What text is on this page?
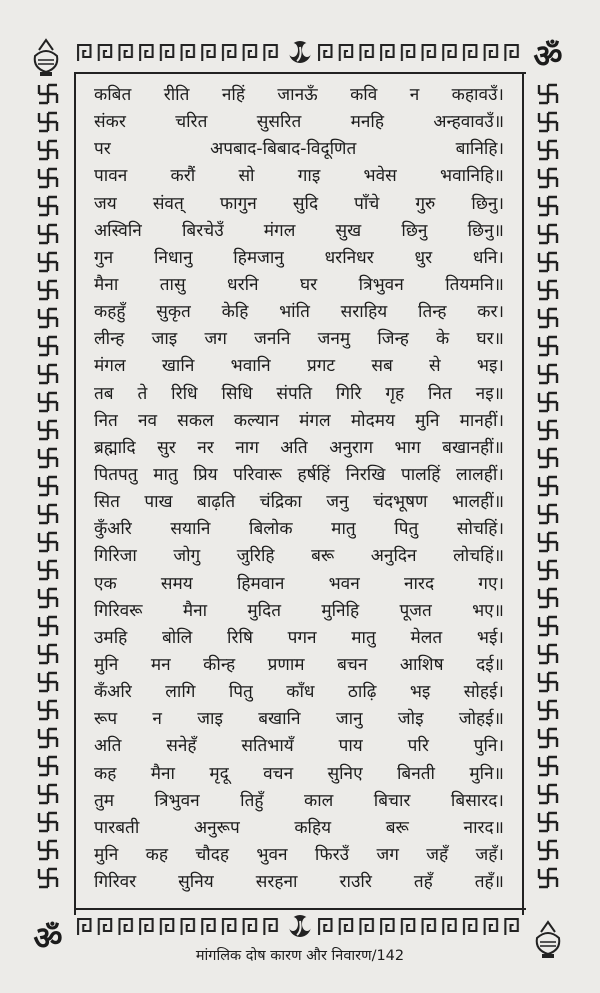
ॐ
ॐ
कबित रीति नहिं जानऊँ कवि न कहावउँ।
संकर	चरित	सुसरित	मनहि	अन्हवावउँ॥
पर	अपबाद-बिबाद-विदूणित	बानिहि।
पावन	करौं	सो	गाइ	भवेस	भवानिहि॥
जय संवत् फागुन सुदि पाँचे गुरु छिनु।
अस्विनि बिरचेउँ मंगल सुख छिनु छिनु॥
गुन निधानु हिमजानु धरनिधर धुर धनि।
मैना तासु धरनि घर त्रिभुवन तियमनि॥
कहहुँ सुकृत केहि भांति सराहिय तिन्ह कर।
लीन्ह जाइ जग जननि जनमु जिन्ह के घर॥
मंगल खानि भवानि प्रगट सब से भइ।
तब ते रिधि सिधि संपति गिरि गृह नित नइ॥
नित नव सकल कल्यान मंगल मोदमय मुनि मानहीं।
ब्रह्मादि सुर नर नाग अति अनुराग भाग बखानहीं॥
पितपतु मातु प्रिय परिवारू हर्षहिं निरखि पालहिं लालहीं।
सित पाख बाढ़ति चंद्रिका जनु चंदभूषण भालहीं॥
कुँअरि सयानि बिलोक मातु पितु सोचहिं।
गिरिजा जोगु जुरिहि बरू अनुदिन लोचहिं॥
एक	समय	हिमवान	भवन	नारद	गए।
गिरिवरू मैना मुदित मुनिहि पूजत भए॥
उमहि बोलि रिषि पगन मातु मेलत भई।
मुनि मन कीन्ह प्रणाम बचन आशिष दई॥
कँअरि लागि पितु काँध ठाढ़ि भइ सोहई।
रूप न जाइ बखानि जानु जोइ जोहई॥
अति	सनेहँ	सतिभायँ	पाय	परि	पुनि।
कह मैना मृदू वचन सुनिए बिनती मुनि॥
तुम त्रिभुवन तिहुँ काल बिचार बिसारद।
पारबती	अनुरूप	कहिय	बरू	नारद॥
मुनि कह चौदह भुवन फिरउँ जग जहँ जहँ।
गिरिवर सुनिय सरहना राउरि तहँ तहँ॥
मांगलिक दोष कारण और निवारण/142
